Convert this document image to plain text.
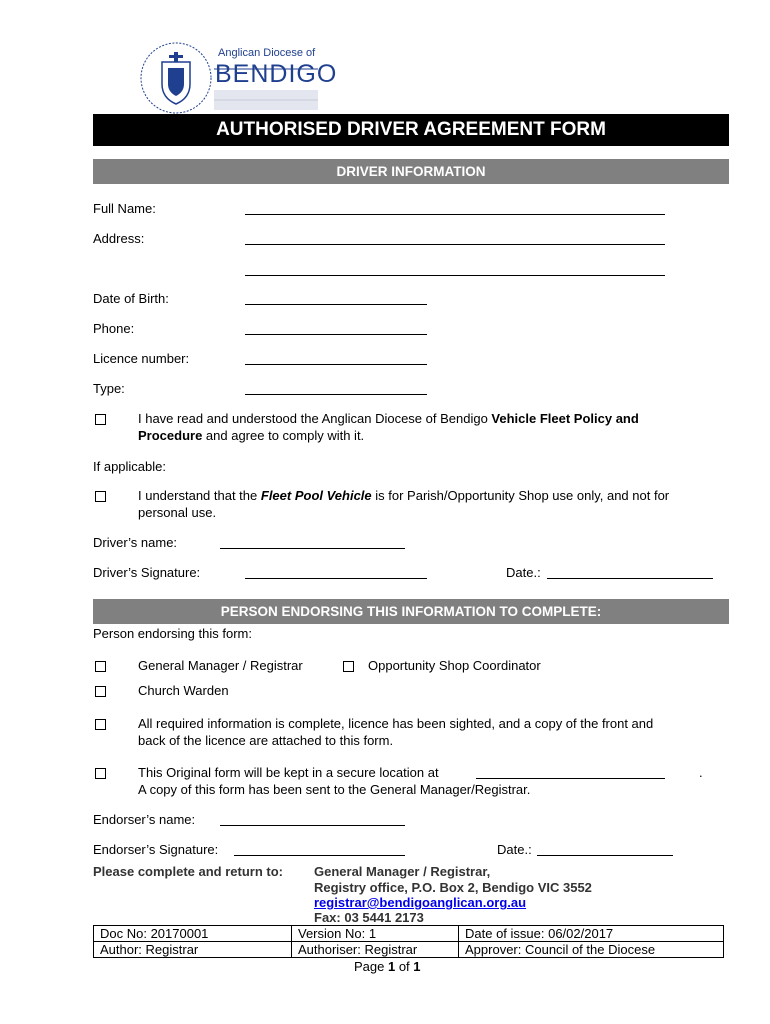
Anglican Diocese of
BENDIGO
AUTHORISED DRIVER AGREEMENT FORM
DRIVER INFORMATION
Full Name:
Address:
Date of Birth:
Phone:
Licence number:
Type:
I have read and understood the Anglican Diocese of Bendigo Vehicle Fleet Policy and
Procedure and agree to comply with it.
If applicable:
I understand that the Fleet Pool Vehicle is for Parish/Opportunity Shop use only, and not for
personal use.
Driver’s name:
Driver’s Signature:	Date.:
PERSON ENDORSING THIS INFORMATION TO COMPLETE:
Person endorsing this form:
General Manager / Registrar	Opportunity Shop Coordinator
Church Warden
All required information is complete, licence has been sighted, and a copy of the front and
back of the licence are attached to this form.
This Original form will be kept in a secure location at	.
A copy of this form has been sent to the General Manager/Registrar.
Endorser’s name:
Endorser’s Signature:	Date.:
Please complete and return to: General Manager / Registrar,
Registry office, P.O. Box 2, Bendigo VIC 3552
registrar@bendigoanglican.org.au
Fax: 03 5441 2173
Doc No: 20170001	Version No: 1	Date of issue: 06/02/2017
Author: Registrar	Authoriser: Registrar	Approver: Council of the Diocese
Page 1 of 1
